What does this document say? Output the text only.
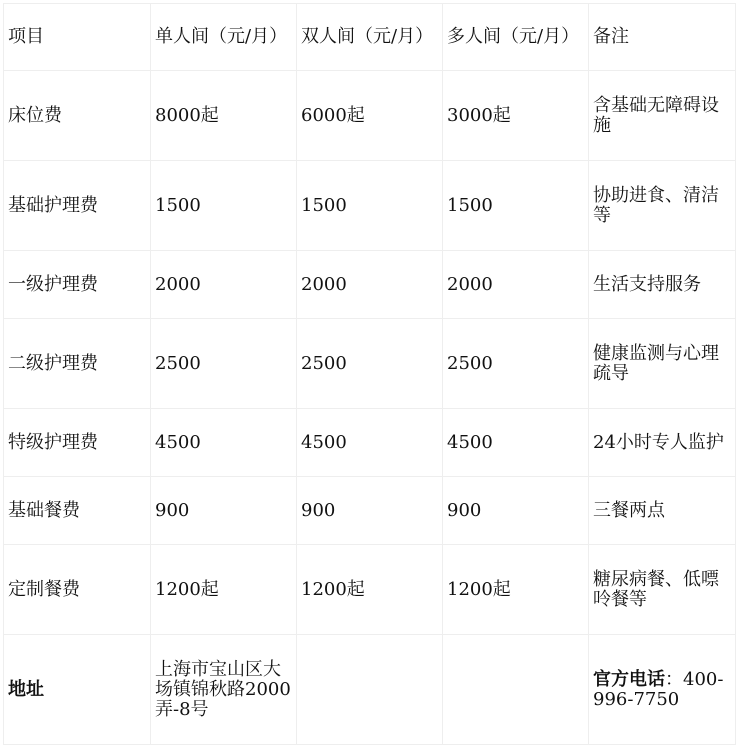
项目	单人间（元/月）	双人间（元/月）	多人间（元/月）	备注
床位费	8000起	6000起	3000起	含基础无障碍设施
基础护理费	1500	1500	1500	协助进食、清洁等
一级护理费	2000	2000	2000	生活支持服务
二级护理费	2500	2500	2500	健康监测与心理疏导
特级护理费	4500	4500	4500	24小时专人监护
基础餐费	900	900	900	三餐两点
定制餐费	1200起	1200起	1200起	糖尿病餐、低嘌呤餐等
地址	上海市宝山区大场镇锦秋路2000弄-8号			官方电话：400-996-7750
